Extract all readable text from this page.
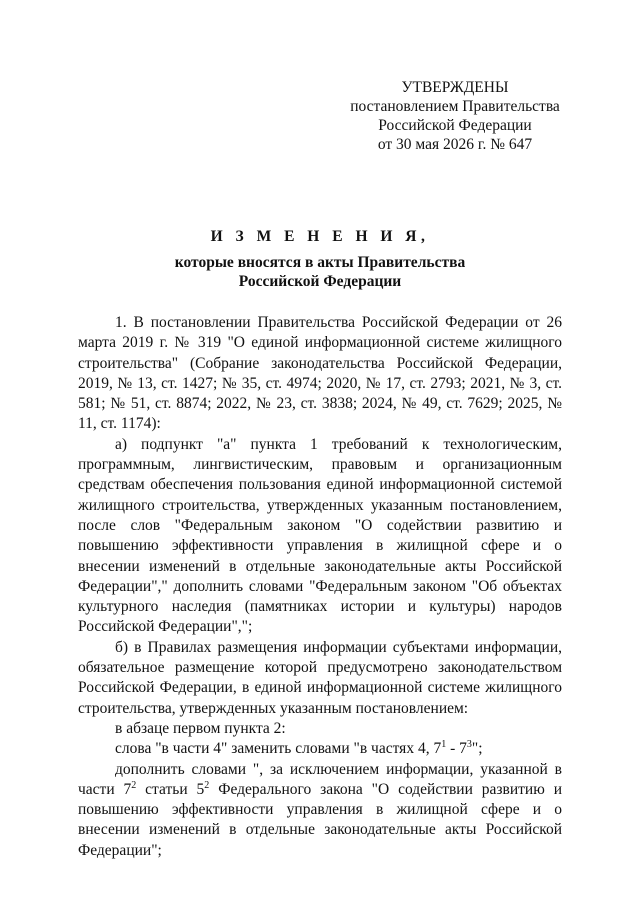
УТВЕРЖДЕНЫ
постановлением Правительства
Российской Федерации
от 30 мая 2026 г. № 647
И З М Е Н Е Н И Я,
которые вносятся в акты Правительства
Российской Федерации

1. В постановлении Правительства Российской Федерации от 26 марта 2019 г. № 319 "О единой информационной системе жилищного строительства" (Собрание законодательства Российской Федерации, 2019, № 13, ст. 1427; № 35, ст. 4974; 2020, № 17, ст. 2793; 2021, № 3, ст. 581; № 51, ст. 8874; 2022, № 23, ст. 3838; 2024, № 49, ст. 7629; 2025, № 11, ст. 1174):

а) подпункт "а" пункта 1 требований к технологическим, программным, лингвистическим, правовым и организационным средствам обеспечения пользования единой информационной системой жилищного строительства, утвержденных указанным постановлением, после слов "Федеральным законом "О содействии развитию и повышению эффективности управления в жилищной сфере и о внесении изменений в отдельные законодательные акты Российской Федерации"," дополнить словами "Федеральным законом "Об объектах культурного наследия (памятниках истории и культуры) народов Российской Федерации",";

б) в Правилах размещения информации субъектами информации, обязательное размещение которой предусмотрено законодательством Российской Федерации, в единой информационной системе жилищного строительства, утвержденных указанным постановлением:

в абзаце первом пункта 2:

слова "в части 4" заменить словами "в частях 4, $7^1 - 7^3$";

дополнить словами ", за исключением информации, указанной в части $7^2$ статьи $5^2$ Федерального закона "О содействии развитию и повышению эффективности управления в жилищной сфере и о внесении изменений в отдельные законодательные акты Российской Федерации";
